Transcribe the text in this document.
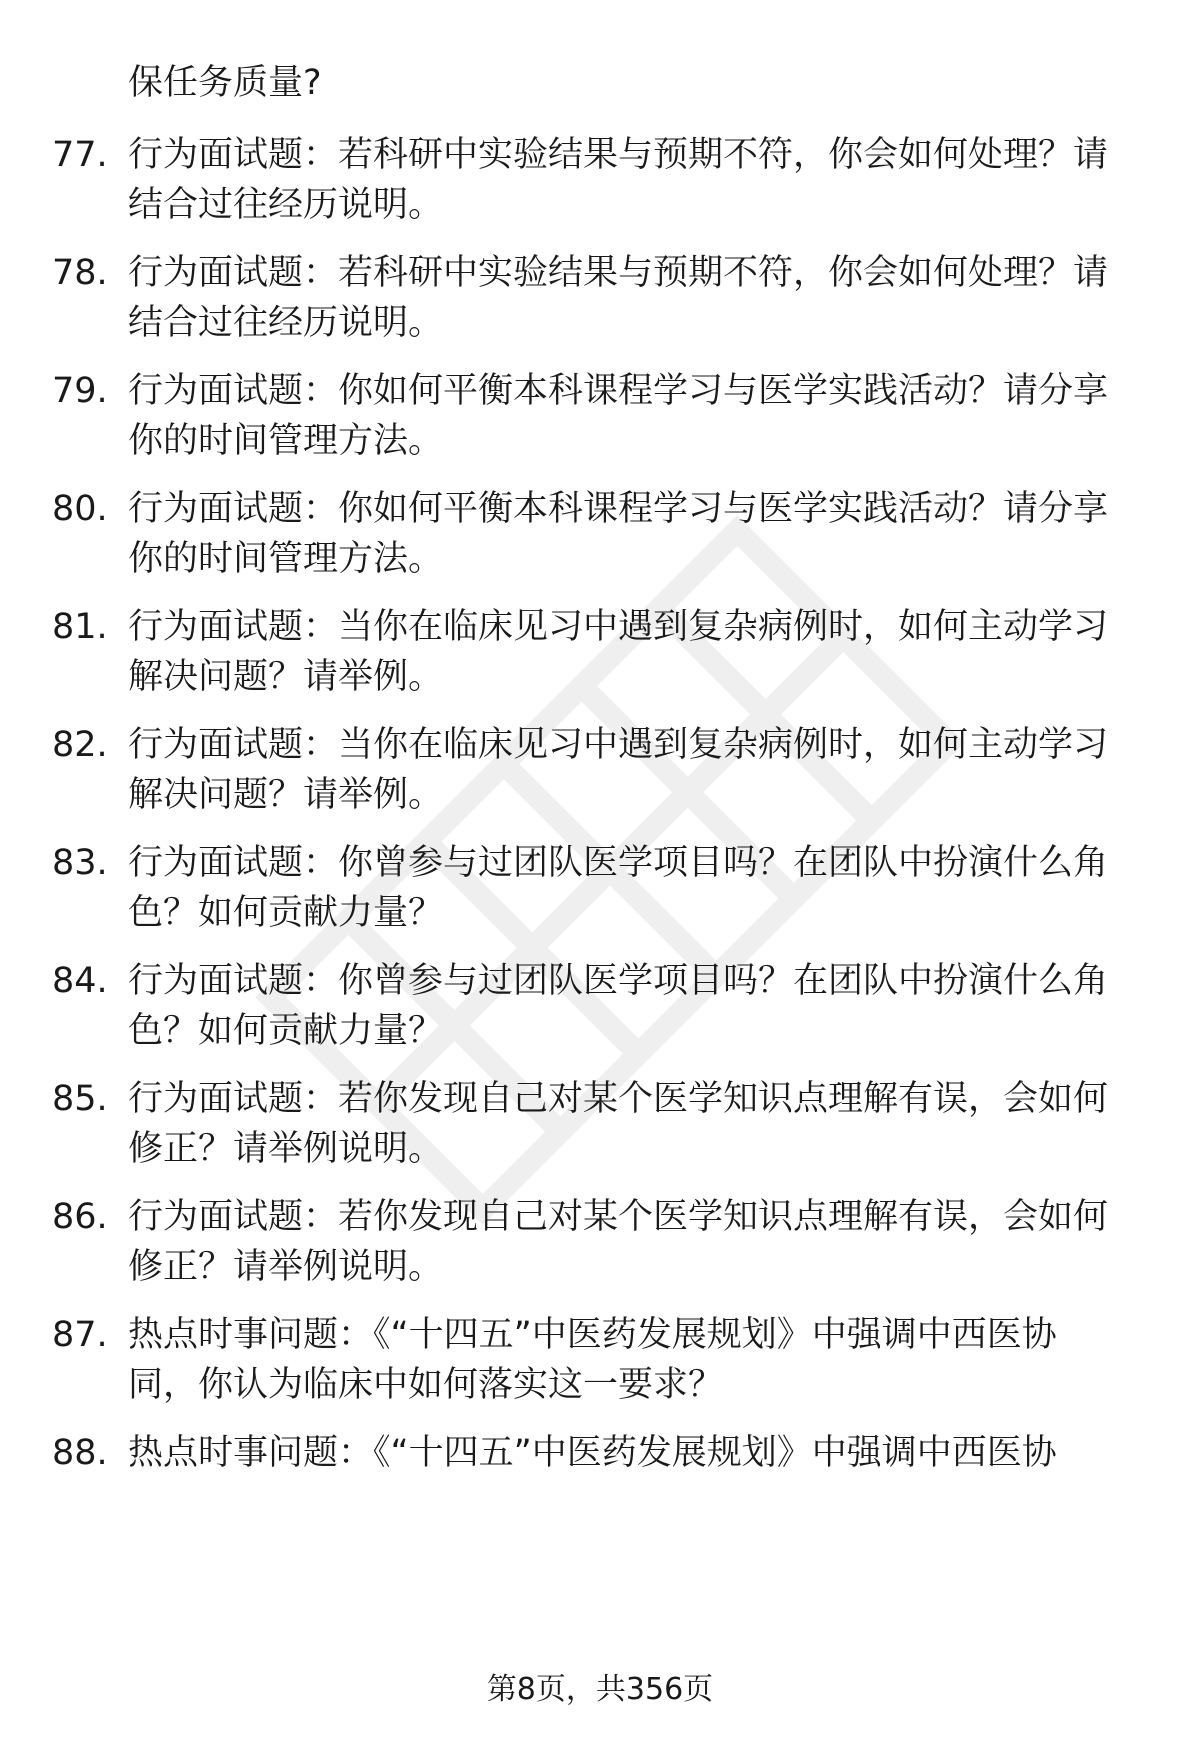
保任务质量?
77. 行为面试题：若科研中实验结果与预期不符，你会如何处理？请
结合过往经历说明。
78. 行为面试题：若科研中实验结果与预期不符，你会如何处理？请
结合过往经历说明。
79. 行为面试题：你如何平衡本科课程学习与医学实践活动？请分享
你的时间管理方法。
80. 行为面试题：你如何平衡本科课程学习与医学实践活动？请分享
你的时间管理方法。
81. 行为面试题：当你在临床见习中遇到复杂病例时，如何主动学习
解决问题？请举例。
82. 行为面试题：当你在临床见习中遇到复杂病例时，如何主动学习
解决问题？请举例。
83. 行为面试题：你曾参与过团队医学项目吗？在团队中扮演什么角
色？如何贡献力量？
84. 行为面试题：你曾参与过团队医学项目吗？在团队中扮演什么角
色？如何贡献力量？
85. 行为面试题：若你发现自己对某个医学知识点理解有误，会如何
修正？请举例说明。
86. 行为面试题：若你发现自己对某个医学知识点理解有误，会如何
修正？请举例说明。
87. 热点时事问题：《“十四五”中医药发展规划》中强调中西医协
同，你认为临床中如何落实这一要求？
88. 热点时事问题：《“十四五”中医药发展规划》中强调中西医协
第8页，共356页
